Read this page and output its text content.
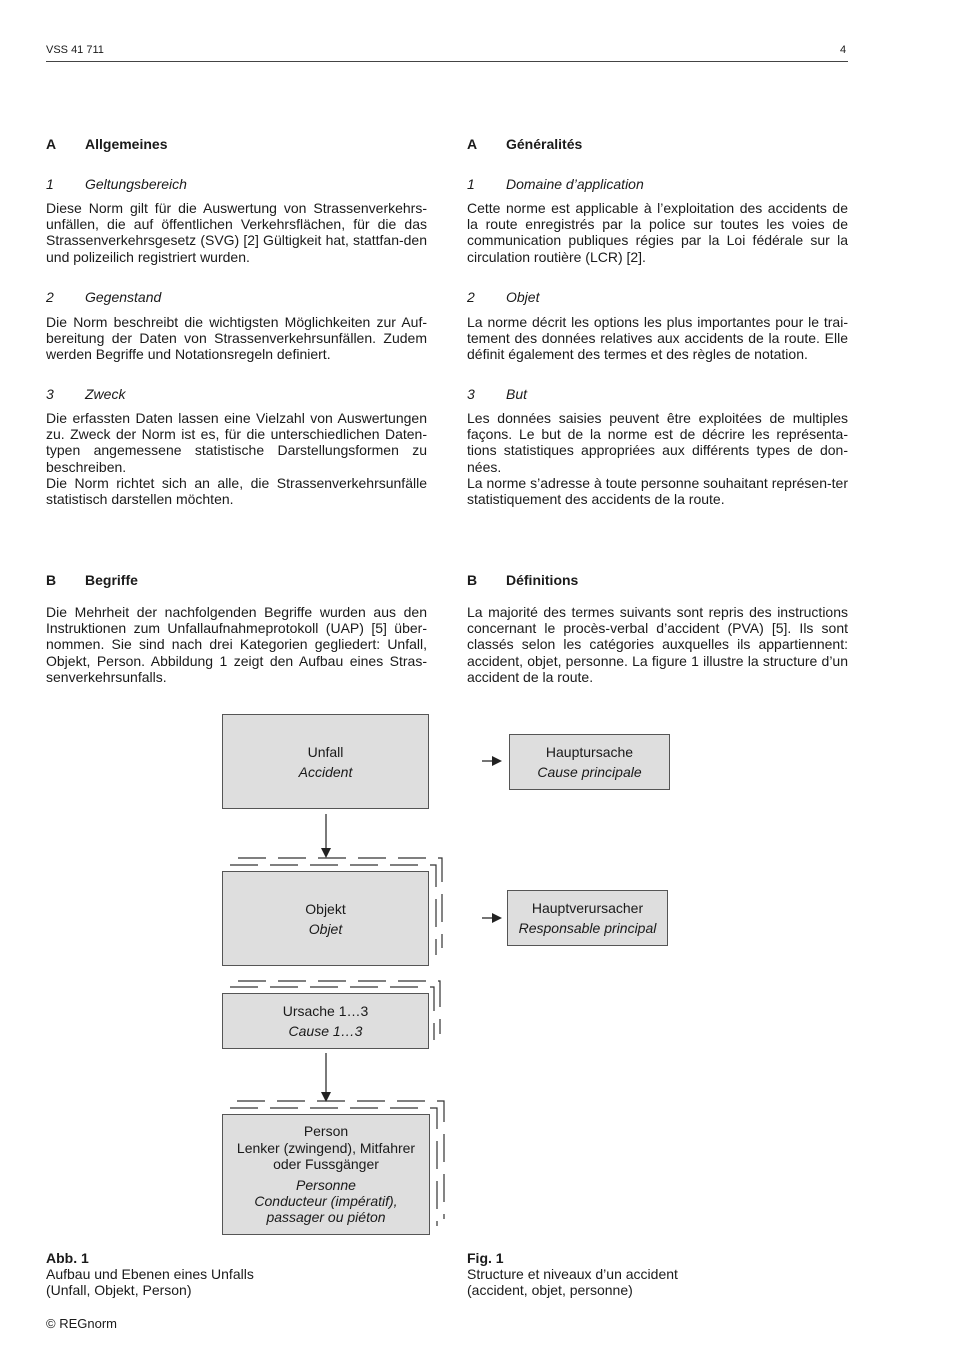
VSS 41 711	4
A Allgemeines
1 Geltungsbereich

Diese Norm gilt für die Auswertung von Strassenverkehrs-unfällen, die auf öffentlichen Verkehrsflächen, für die das Strassenverkehrsgesetz (SVG) [2] Gültigkeit hat, stattfan-den und polizeilich registriert wurden.

2 Gegenstand

Die Norm beschreibt die wichtigsten Möglichkeiten zur Auf-bereitung der Daten von Strassenverkehrsunfällen. Zudem werden Begriffe und Notationsregeln definiert.

3 Zweck

Die erfassten Daten lassen eine Vielzahl von Auswertungen zu. Zweck der Norm ist es, für die unterschiedlichen Daten-typen angemessene statistische Darstellungsformen zu beschreiben.

Die Norm richtet sich an alle, die Strassenverkehrsunfälle statistisch darstellen möchten.

B Begriffe

Die Mehrheit der nachfolgenden Begriffe wurden aus den Instruktionen zum Unfallaufnahmeprotokoll (UAP) [5] über-nommen. Sie sind nach drei Kategorien gegliedert: Unfall, Objekt, Person. Abbildung 1 zeigt den Aufbau eines Stras-senverkehrsunfalls.

A Généralités
1 Domaine d’application

Cette norme est applicable à l’exploitation des accidents de la route enregistrés par la police sur toutes les voies de communication publiques régies par la Loi fédérale sur la circulation routière (LCR) [2].

2 Objet

La norme décrit les options les plus importantes pour le trai-tement des données relatives aux accidents de la route. Elle définit également des termes et des règles de notation.

3 But

Les données saisies peuvent être exploitées de multiples façons. Le but de la norme est de décrire les représenta-tions statistiques appropriées aux différents types de don-nées.

La norme s’adresse à toute personne souhaitant représen-ter statistiquement des accidents de la route.

B Définitions

La majorité des termes suivants sont repris des instructions concernant le procès-verbal d’accident (PVA) [5]. Ils sont classés selon les catégories auxquelles ils appartiennent: accident, objet, personne. La figure 1 illustre la structure d’un accident de la route.

Unfall
Accident
Objekt
Objet
Ursache 1…3
Cause 1…3
Person
Lenker (zwingend), Mitfahrer
oder Fussgänger
Personne
Conducteur (impératif),
passager ou piéton
Hauptursache
Cause principale
Hauptverursacher
Responsable principal
Abb. 1
Aufbau und Ebenen eines Unfalls
(Unfall, Objekt, Person)
Fig. 1
Structure et niveaux d’un accident
(accident, objet, personne)
© REGnorm
